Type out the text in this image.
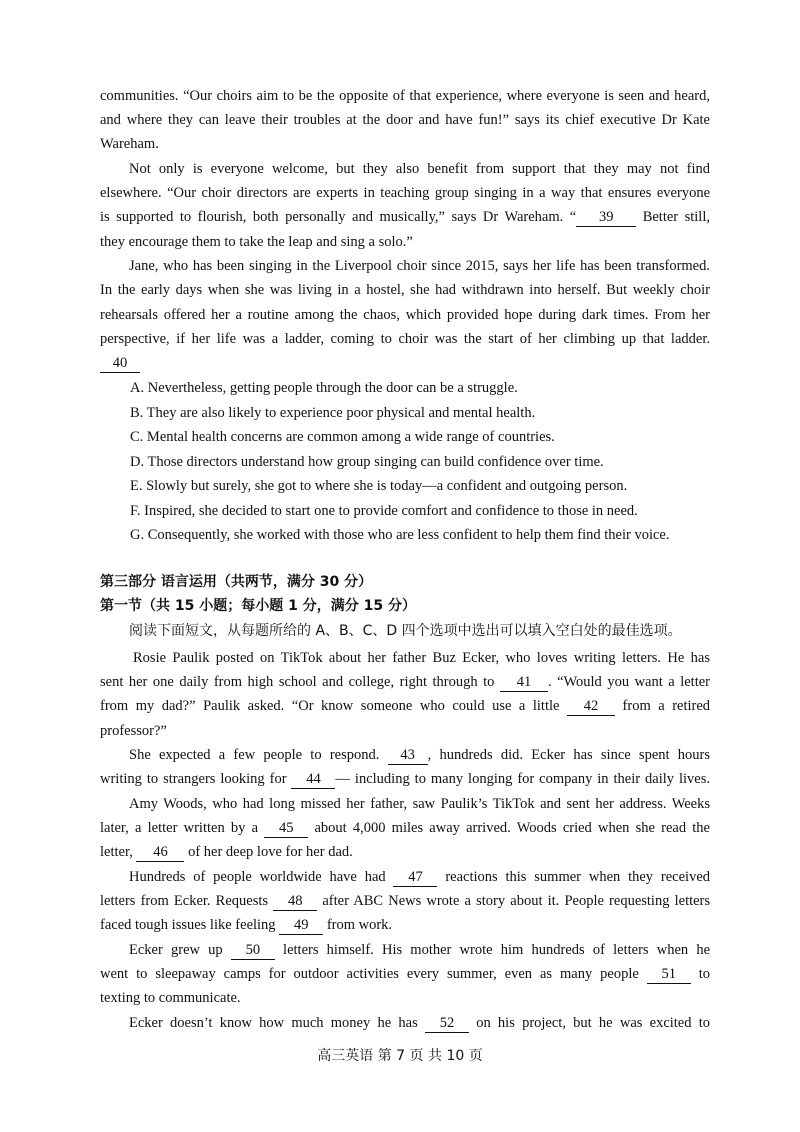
communities. “Our choirs aim to be the opposite of that experience, where everyone is seen and heard,
and where they can leave their troubles at the door and have fun!” says its chief executive Dr Kate
Wareham.
Not only is everyone welcome, but they also benefit from support that they may not find
elsewhere. “Our choir directors are experts in teaching group singing in a way that ensures everyone
is supported to flourish, both personally and musically,” says Dr Wareham. “ 39 Better still,
they encourage them to take the leap and sing a solo.”
Jane, who has been singing in the Liverpool choir since 2015, says her life has been transformed.
In the early days when she was living in a hostel, she had withdrawn into herself. But weekly choir
rehearsals offered her a routine among the chaos, which provided hope during dark times. From her
perspective, if her life was a ladder, coming to choir was the start of her climbing up that ladder.
40
A. Nevertheless, getting people through the door can be a struggle.
B. They are also likely to experience poor physical and mental health.
C. Mental health concerns are common among a wide range of countries.
D. Those directors understand how group singing can build confidence over time.
E. Slowly but surely, she got to where she is today—a confident and outgoing person.
F. Inspired, she decided to start one to provide comfort and confidence to those in need.
G. Consequently, she worked with those who are less confident to help them find their voice.
第三部分 语言运用（共两节，满分 30 分）
第一节（共 15 小题；每小题 1 分，满分 15 分）
阅读下面短文，从每题所给的 A、B、C、D 四个选项中选出可以填入空白处的最佳选项。
Rosie Paulik posted on TikTok about her father Buz Ecker, who loves writing letters. He has
sent her one daily from high school and college, right through to 41 . “Would you want a letter
from my dad?” Paulik asked. “Or know someone who could use a little 42 from a retired
professor?”
She expected a few people to respond. 43 , hundreds did. Ecker has since spent hours
writing to strangers looking for 44 — including to many longing for company in their daily lives.
Amy Woods, who had long missed her father, saw Paulik’s TikTok and sent her address. Weeks
later, a letter written by a 45 about 4,000 miles away arrived. Woods cried when she read the
letter, 46 of her deep love for her dad.
Hundreds of people worldwide have had 47 reactions this summer when they received
letters from Ecker. Requests 48 after ABC News wrote a story about it. People requesting letters
faced tough issues like feeling 49 from work.
Ecker grew up 50 letters himself. His mother wrote him hundreds of letters when he
went to sleepaway camps for outdoor activities every summer, even as many people 51 to
texting to communicate.
Ecker doesn’t know how much money he has 52 on his project, but he was excited to
高三英语 第 7 页 共 10 页
